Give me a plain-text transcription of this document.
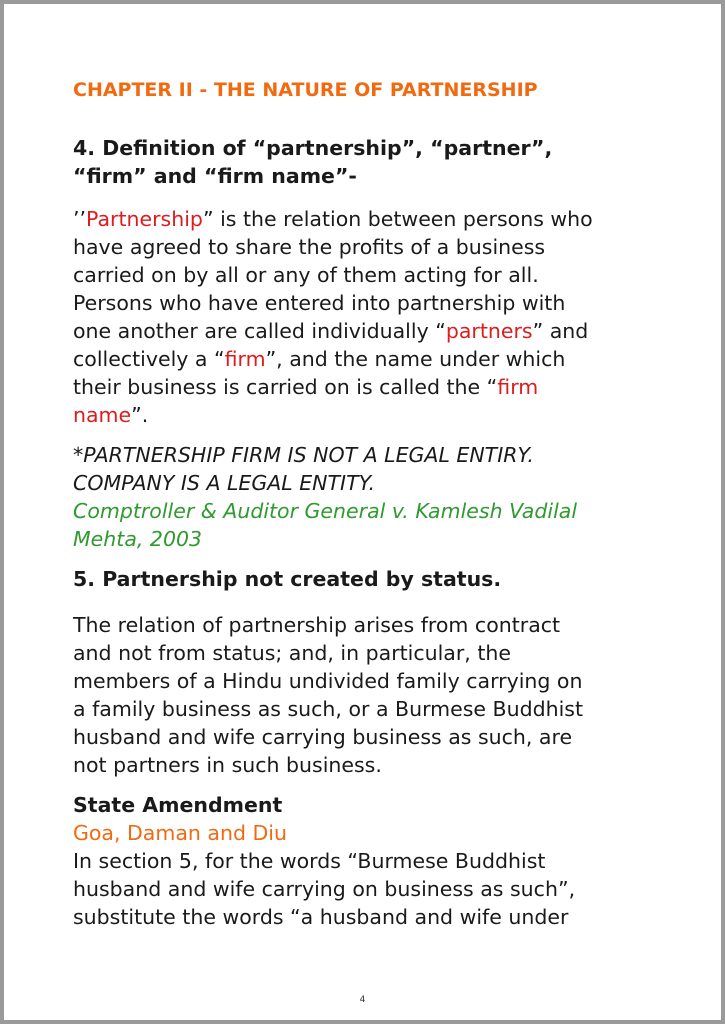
CHAPTER II - THE NATURE OF PARTNERSHIP
4. Definition of “partnership”, “partner”,
“firm” and “firm name”-

’’Partnership” is the relation between persons who

have agreed to share the profits of a business

carried on by all or any of them acting for all.

Persons who have entered into partnership with

one another are called individually “partners” and

collectively a “firm”, and the name under which

their business is carried on is called the “firm

name”.

*PARTNERSHIP FIRM IS NOT A LEGAL ENTIRY.

COMPANY IS A LEGAL ENTITY.

Comptroller & Auditor General v. Kamlesh Vadilal

Mehta, 2003

5. Partnership not created by status.

The relation of partnership arises from contract

and not from status; and, in particular, the

members of a Hindu undivided family carrying on

a family business as such, or a Burmese Buddhist

husband and wife carrying business as such, are

not partners in such business.

State Amendment

Goa, Daman and Diu

In section 5, for the words “Burmese Buddhist

husband and wife carrying on business as such”,

substitute the words “a husband and wife under

4
